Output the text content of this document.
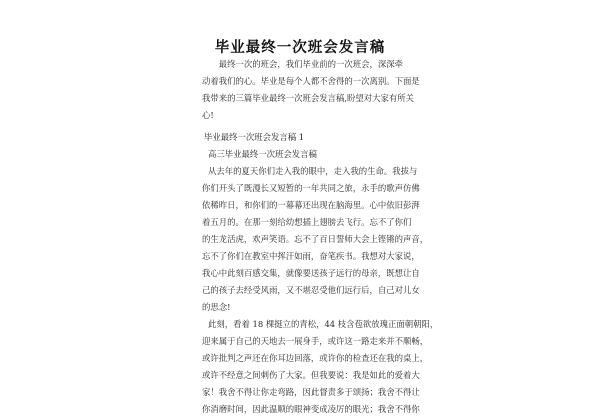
毕业最终一次班会发言稿
　　最终一次的班会，我们毕业前的一次班会，深深牵
动着我们的心。毕业是每个人都不舍得的一次离别。下面是
我带来的三篇毕业最终一次班会发言稿,盼望对大家有所关
心!
毕业最终一次班会发言稿 1
高三毕业最终一次班会发言稿
从去年的夏天你们走入我的眼中，走入我的生命。我拔与
你们开头了既漫长又短暂的一年共同之旅，永手的歌声仿佛
依稀昨日，和你们的一幕幕还出现在脑海里。心中依旧彭湃
着五月的。在那一刻给幼想插上翅膀去飞行。忘不了你们
的生龙活虎，欢声笑语。忘不了百日誓师大会上铿锵的声音，
忘不了你们在教室中挥汗如雨，奋笔疾书。我想对大家说，
我心中此刻百感交集，就像要送孩子远行的母亲，既想让自
己的孩子去经受风雨，又不堪忍受他们远行后，自己对儿女
的思念!
此刻，看着 18 棵挺立的青松，44 枝含苞欲放瑰正面朝朝阳，
迎来属于自己的天地去一展身手，或许这一路走来并不顺畅，
或许批判之声还在你耳边回落，或许你的检查还在我的桌上，
或许不经意之间刺伤了大家。但我要说：我是如此的爱着大
家！我舍不得让你走弯路，因此督责多于颂扬；我舍不得让
你消磨时间，因此温顺的眼神变成凌厉的眼光；我舍不得你
